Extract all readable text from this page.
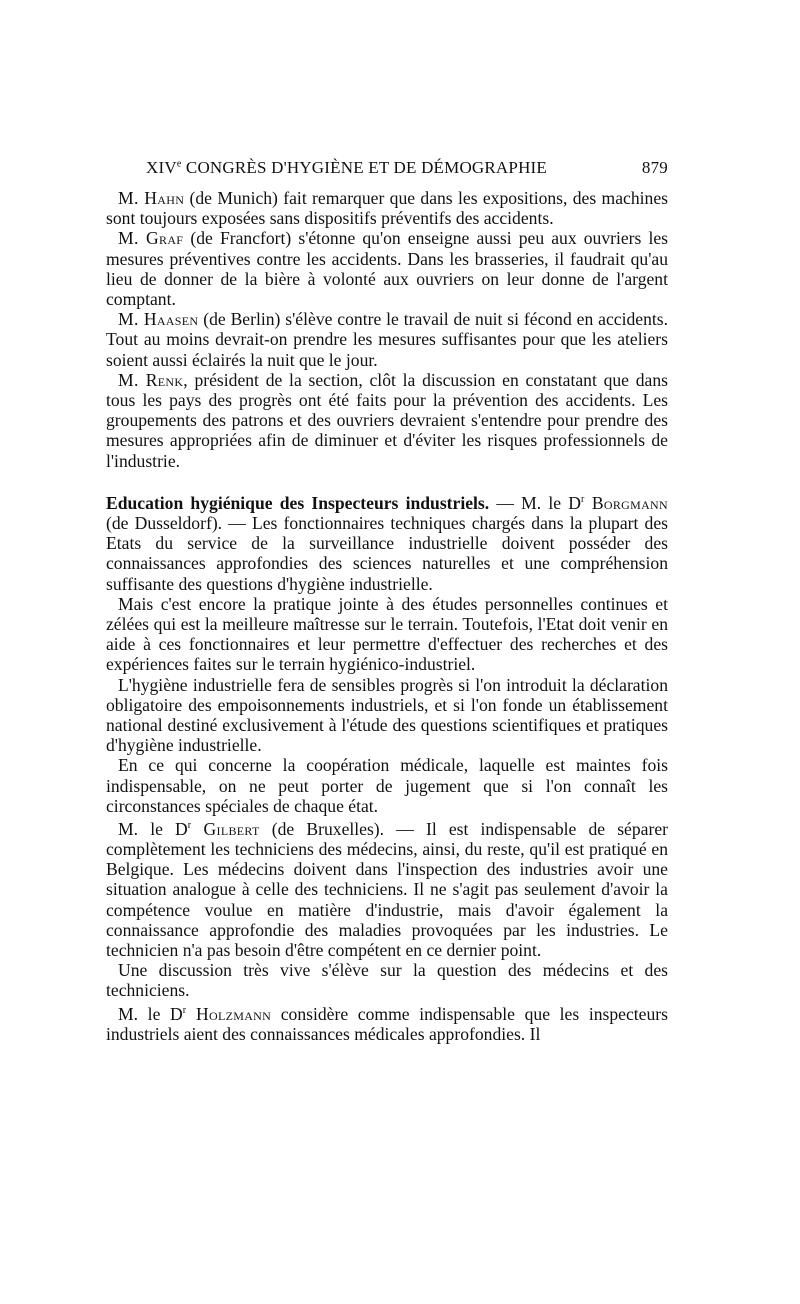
XIVe CONGRÈS D'HYGIÈNE ET DE DÉMOGRAPHIE	879

M. Hahn (de Munich) fait remarquer que dans les expositions, des machines sont toujours exposées sans dispositifs préventifs des accidents.

M. Graf (de Francfort) s'étonne qu'on enseigne aussi peu aux ouvriers les mesures préventives contre les accidents. Dans les brasseries, il faudrait qu'au lieu de donner de la bière à volonté aux ouvriers on leur donne de l'argent comptant.

M. Haasen (de Berlin) s'élève contre le travail de nuit si fécond en accidents. Tout au moins devrait-on prendre les mesures suffisantes pour que les ateliers soient aussi éclairés la nuit que le jour.

M. Renk, président de la section, clôt la discussion en constatant que dans tous les pays des progrès ont été faits pour la prévention des accidents. Les groupements des patrons et des ouvriers devraient s'entendre pour prendre des mesures appropriées afin de diminuer et d'éviter les risques professionnels de l'industrie.

Education hygiénique des Inspecteurs industriels. — M. le $D^r$ Borgmann (de Dusseldorf). — Les fonctionnaires techniques chargés dans la plupart des Etats du service de la surveillance industrielle doivent posséder des connaissances approfondies des sciences naturelles et une compréhension suffisante des questions d'hygiène industrielle.

Mais c'est encore la pratique jointe à des études personnelles continues et zélées qui est la meilleure maîtresse sur le terrain. Toutefois, l'Etat doit venir en aide à ces fonctionnaires et leur permettre d'effectuer des recherches et des expériences faites sur le terrain hygiénico-industriel.

L'hygiène industrielle fera de sensibles progrès si l'on introduit la déclaration obligatoire des empoisonnements industriels, et si l'on fonde un établissement national destiné exclusivement à l'étude des questions scientifiques et pratiques d'hygiène industrielle.

En ce qui concerne la coopération médicale, laquelle est maintes fois indispensable, on ne peut porter de jugement que si l'on connaît les circonstances spéciales de chaque état.

M. le $D^r$ Gilbert (de Bruxelles). — Il est indispensable de séparer complètement les techniciens des médecins, ainsi, du reste, qu'il est pratiqué en Belgique. Les médecins doivent dans l'inspection des industries avoir une situation analogue à celle des techniciens. Il ne s'agit pas seulement d'avoir la compétence voulue en matière d'industrie, mais d'avoir également la connaissance approfondie des maladies provoquées par les industries. Le technicien n'a pas besoin d'être compétent en ce dernier point.

Une discussion très vive s'élève sur la question des médecins et des techniciens.

M. le $D^r$ Holzmann considère comme indispensable que les inspecteurs industriels aient des connaissances médicales approfondies. Il
